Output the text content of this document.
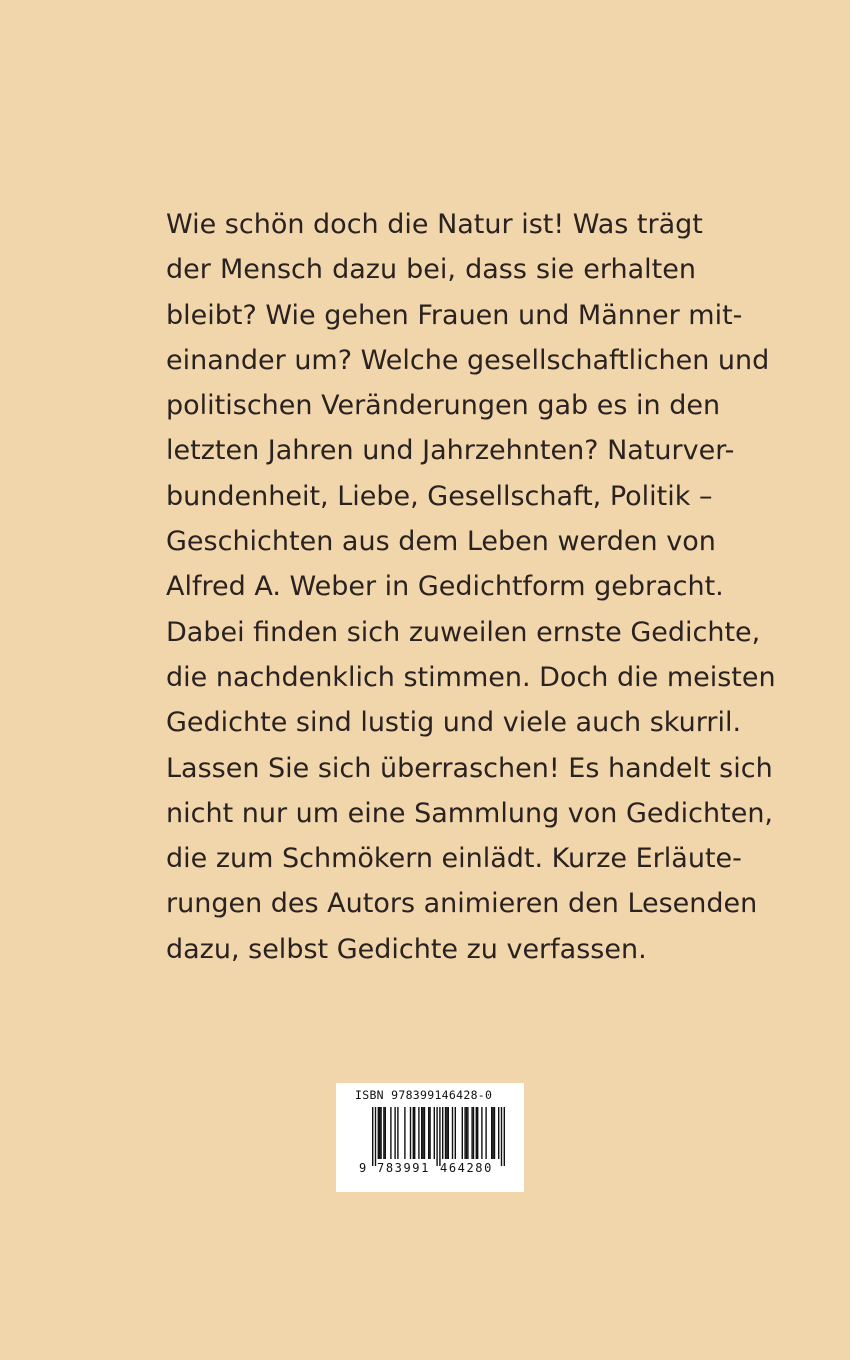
Wie schön doch die Natur ist! Was trägt
der Mensch dazu bei, dass sie erhalten
bleibt? Wie gehen Frauen und Männer mit-
einander um? Welche gesellschaftlichen und
politischen Veränderungen gab es in den
letzten Jahren und Jahrzehnten? Naturver-
bundenheit, Liebe, Gesellschaft, Politik –
Geschichten aus dem Leben werden von
Alfred A. Weber in Gedichtform gebracht.
Dabei finden sich zuweilen ernste Gedichte,
die nachdenklich stimmen. Doch die meisten
Gedichte sind lustig und viele auch skurril.
Lassen Sie sich überraschen! Es handelt sich
nicht nur um eine Sammlung von Gedichten,
die zum Schmökern einlädt. Kurze Erläute-
rungen des Autors animieren den Lesenden
dazu, selbst Gedichte zu verfassen.
ISBN 978399146428-0
9 783991 464280
